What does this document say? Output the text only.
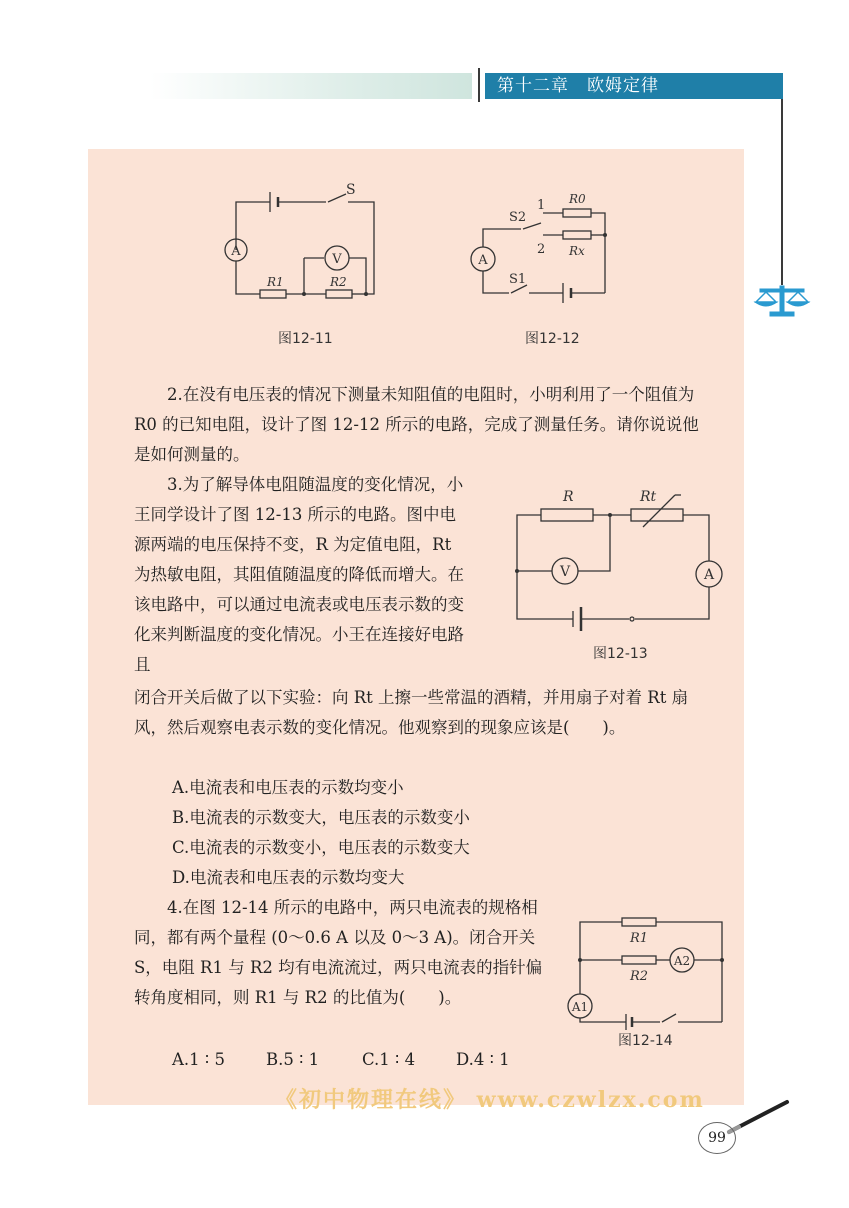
第十二章　欧姆定律
S
A
V
R1	R2
图12-11
S2
S1
1
2
R0
Rx
A
图12-12

2.在没有电压表的情况下测量未知阻值的电阻时，小明利用了一个阻值为 R0 的已知电阻，设计了图 12-12 所示的电路，完成了测量任务。请你说说他是如何测量的。

3.为了解导体电阻随温度的变化情况，小王同学设计了图 12-13 所示的电路。图中电源两端的电压保持不变，R 为定值电阻，Rt 为热敏电阻，其阻值随温度的降低而增大。在该电路中，可以通过电流表或电压表示数的变化来判断温度的变化情况。小王在连接好电路且

R	Rt
V	A
图12-13

闭合开关后做了以下实验：向 Rt 上擦一些常温的酒精，并用扇子对着 Rt 扇风，然后观察电表示数的变化情况。他观察到的现象应该是(　　)。

A.电流表和电压表的示数均变小
B.电流表的示数变大，电压表的示数变小
C.电流表的示数变小，电压表的示数变大
D.电流表和电压表的示数均变大

4.在图 12-14 所示的电路中，两只电流表的规格相同，都有两个量程 (0～0.6 A 以及 0～3 A)。闭合开关 S，电阻 R1 与 R2 均有电流流过，两只电流表的指针偏转角度相同，则 R1 与 R2 的比值为(　　)。

R1
R2
A2
A1
图12-14
A.1 ∶ 5 B.5 ∶ 1	C.1 ∶ 4 D.4 ∶ 1
《初中物理在线》 www.czwlzx.com
99
